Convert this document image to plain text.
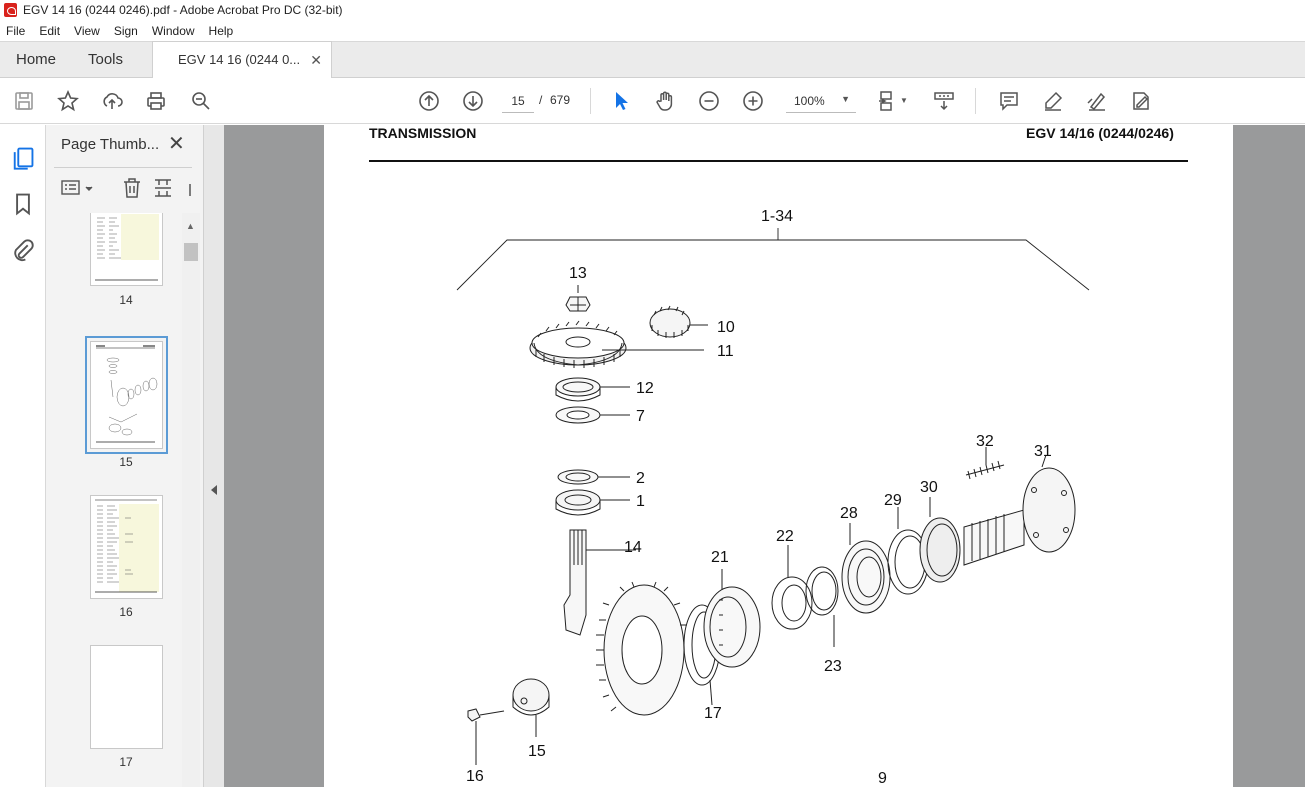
EGV 14 16 (0244 0246).pdf - Adobe Acrobat Pro DC (32-bit)
File Edit View Sign Window Help
Home Tools	EGV 14 16 (0244 0... ✕
15
/ 679	100% ▼	▼
Page Thumb... ✕
14
15
16
17
▲
TRANSMISSION	EGV 14/16 (0244/0246)
1-34
13
10
11
12
7
2
1
14
21
22
28
29
30
32
31
23
17
15
16	9
